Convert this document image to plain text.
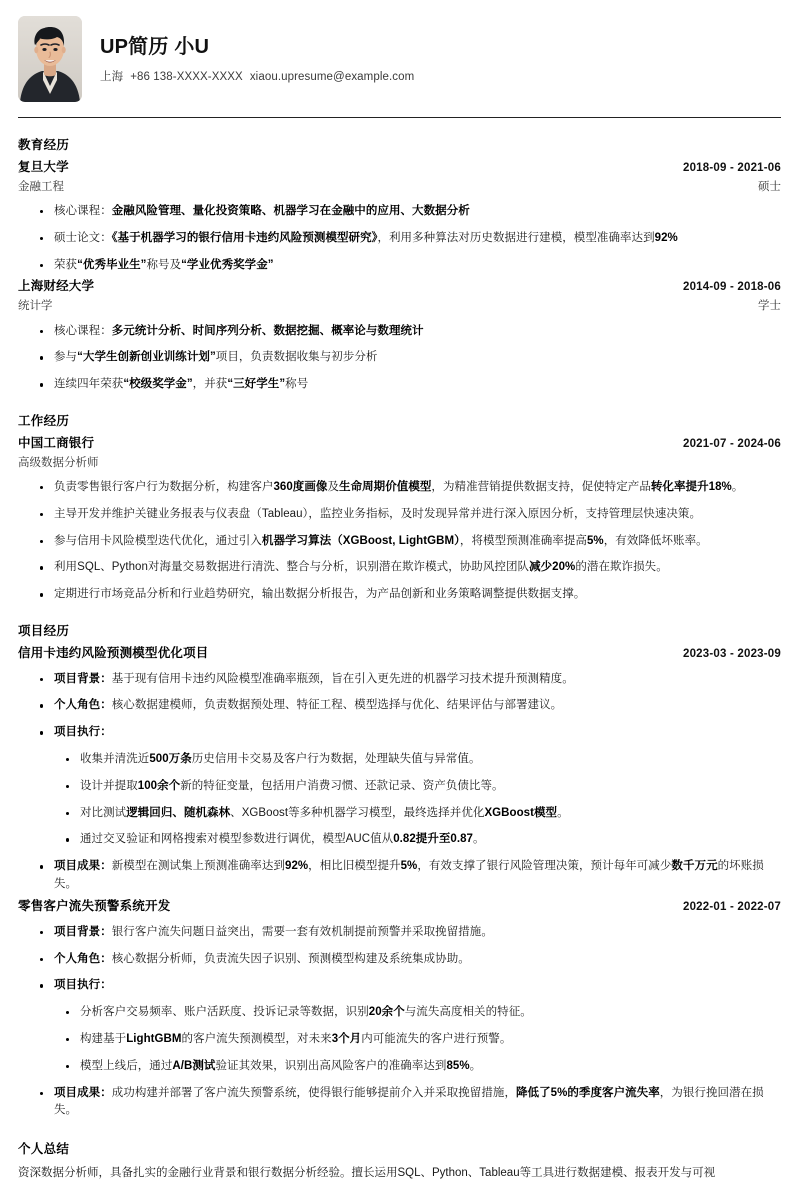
UP简历 小U
上海 +86 138-XXXX-XXXX xiaou.upresume@example.com
教育经历
复旦大学	2018-09 - 2021-06
金融工程	硕士
核心课程：金融风险管理、量化投资策略、机器学习在金融中的应用、大数据分析
硕士论文：《基于机器学习的银行信用卡违约风险预测模型研究》，利用多种算法对历史数据进行建模，模型准确率达到92%
荣获“优秀毕业生”称号及“学业优秀奖学金”
上海财经大学	2014-09 - 2018-06
统计学	学士
核心课程：多元统计分析、时间序列分析、数据挖掘、概率论与数理统计
参与“大学生创新创业训练计划”项目，负责数据收集与初步分析
连续四年荣获“校级奖学金”，并获“三好学生”称号
工作经历
中国工商银行	2021-07 - 2024-06
高级数据分析师
负责零售银行客户行为数据分析，构建客户360度画像及生命周期价值模型，为精准营销提供数据支持，促使特定产品转化率提升18%。
主导开发并维护关键业务报表与仪表盘（Tableau），监控业务指标，及时发现异常并进行深入原因分析，支持管理层快速决策。
参与信用卡风险模型迭代优化，通过引入机器学习算法（XGBoost, LightGBM），将模型预测准确率提高5%，有效降低坏账率。
利用SQL、Python对海量交易数据进行清洗、整合与分析，识别潜在欺诈模式，协助风控团队减少20%的潜在欺诈损失。
定期进行市场竞品分析和行业趋势研究，输出数据分析报告，为产品创新和业务策略调整提供数据支撑。
项目经历
信用卡违约风险预测模型优化项目	2023-03 - 2023-09
项目背景：基于现有信用卡违约风险模型准确率瓶颈，旨在引入更先进的机器学习技术提升预测精度。
个人角色：核心数据建模师，负责数据预处理、特征工程、模型选择与优化、结果评估与部署建议。
项目执行：
收集并清洗近500万条历史信用卡交易及客户行为数据，处理缺失值与异常值。
设计并提取100余个新的特征变量，包括用户消费习惯、还款记录、资产负债比等。
对比测试逻辑回归、随机森林、XGBoost等多种机器学习模型，最终选择并优化XGBoost模型。
通过交叉验证和网格搜索对模型参数进行调优，模型AUC值从0.82提升至0.87。
项目成果：新模型在测试集上预测准确率达到92%，相比旧模型提升5%，有效支撑了银行风险管理决策，预计每年可减少数千万元的坏账损失。
零售客户流失预警系统开发	2022-01 - 2022-07
项目背景：银行客户流失问题日益突出，需要一套有效机制提前预警并采取挽留措施。
个人角色：核心数据分析师，负责流失因子识别、预测模型构建及系统集成协助。
项目执行：
分析客户交易频率、账户活跃度、投诉记录等数据，识别20余个与流失高度相关的特征。
构建基于LightGBM的客户流失预测模型，对未来3个月内可能流失的客户进行预警。
模型上线后，通过A/B测试验证其效果，识别出高风险客户的准确率达到85%。
项目成果：成功构建并部署了客户流失预警系统，使得银行能够提前介入并采取挽留措施，降低了5%的季度客户流失率，为银行挽回潜在损失。
个人总结
资深数据分析师，具备扎实的金融行业背景和银行数据分析经验。擅长运用SQL、Python、Tableau等工具进行数据建模、报表开发与可视
